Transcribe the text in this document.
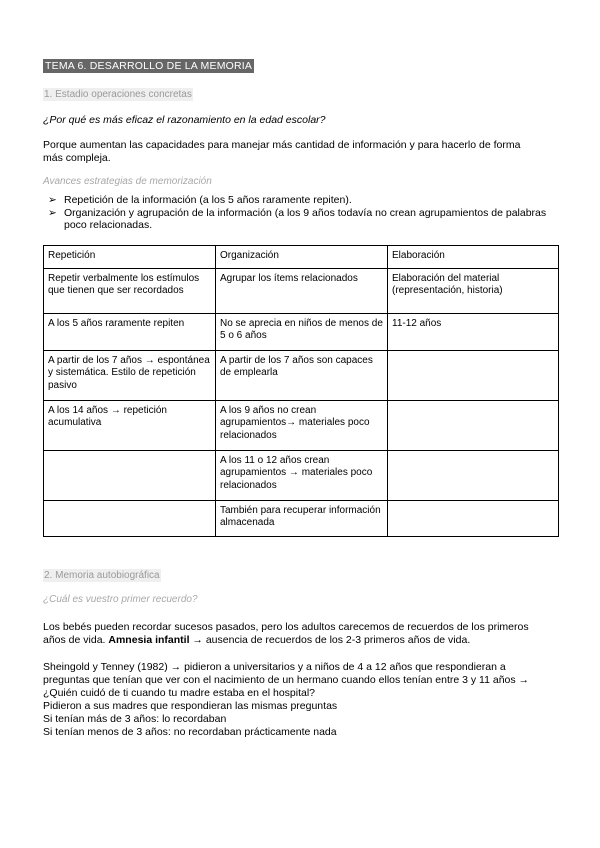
TEMA 6. DESARROLLO DE LA MEMORIA
1. Estadio operaciones concretas
¿Por qué es más eficaz el razonamiento en la edad escolar?
Porque aumentan las capacidades para manejar más cantidad de información y para hacerlo de forma
más compleja.
Avances estrategias de memorización
➢ Repetición de la información (a los 5 años raramente repiten).
➢ Organización y agrupación de la información (a los 9 años todavía no crean agrupamientos de palabras poco relacionadas.
Repetición	Organización	Elaboración
Repetir verbalmente los estímulos que tienen que ser recordados	Agrupar los ítems relacionados	Elaboración del material (representación, historia)
A los 5 años raramente repiten	No se aprecia en niños de menos de 5 o 6 años	11-12 años
A partir de los 7 años → espontánea y sistemática. Estilo de repetición pasivo	A partir de los 7 años son capaces de emplearla	
A los 14 años → repetición acumulativa	A los 9 años no crean agrupamientos→ materiales poco relacionados	
	A los 11 o 12 años crean agrupamientos → materiales poco relacionados	
	También para recuperar información almacenada	
2. Memoria autobiográfica
¿Cuál es vuestro primer recuerdo?
Los bebés pueden recordar sucesos pasados, pero los adultos carecemos de recuerdos de los primeros
años de vida. Amnesia infantil → ausencia de recuerdos de los 2-3 primeros años de vida.
Sheingold y Tenney (1982) → pidieron a universitarios y a niños de 4 a 12 años que respondieran a
preguntas que tenían que ver con el nacimiento de un hermano cuando ellos tenían entre 3 y 11 años →
¿Quién cuidó de ti cuando tu madre estaba en el hospital?
Pidieron a sus madres que respondieran las mismas preguntas
Si tenían más de 3 años: lo recordaban
Si tenían menos de 3 años: no recordaban prácticamente nada
